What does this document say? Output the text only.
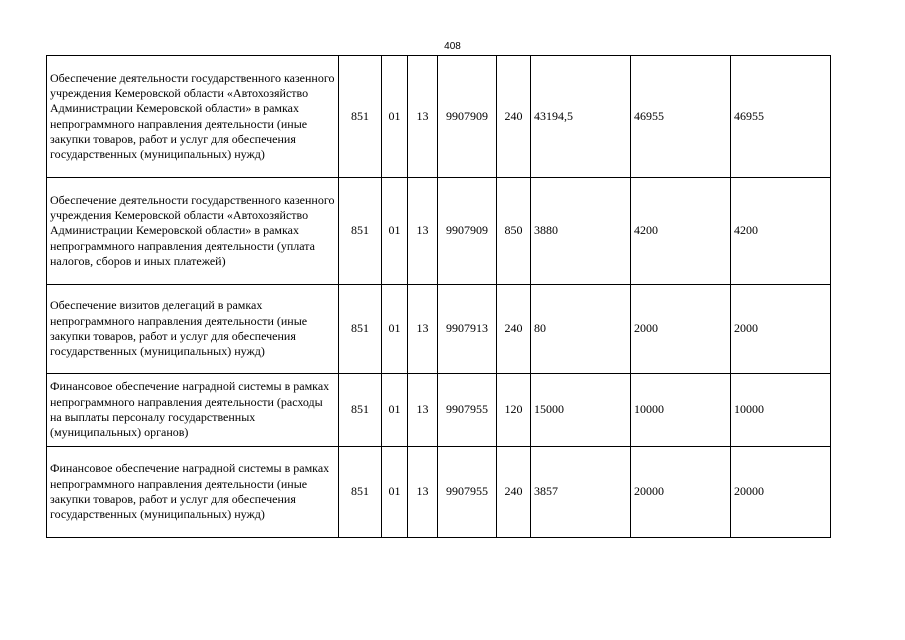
408
Обеспечение деятельности государственного казенного учреждения Кемеровской области «Автохозяйство Администрации Кемеровской области» в рамках непрограммного направления деятельности (иные закупки товаров, работ и услуг для обеспечения государственных (муниципальных) нужд)	851	01	13	9907909	240	43194,5	46955	46955
Обеспечение деятельности государственного казенного учреждения Кемеровской области «Автохозяйство Администрации Кемеровской области» в рамках непрограммного направления деятельности (уплата налогов, сборов и иных платежей)	851	01	13	9907909	850	3880	4200	4200
Обеспечение визитов делегаций в рамках непрограммного направления деятельности (иные закупки товаров, работ и услуг для обеспечения государственных (муниципальных) нужд)	851	01	13	9907913	240	80	2000	2000
Финансовое обеспечение наградной системы в рамках непрограммного направления деятельности (расходы на выплаты персоналу государственных (муниципальных) органов)	851	01	13	9907955	120	15000	10000	10000
Финансовое обеспечение наградной системы в рамках непрограммного направления деятельности (иные закупки товаров, работ и услуг для обеспечения государственных (муниципальных) нужд)	851	01	13	9907955	240	3857	20000	20000
